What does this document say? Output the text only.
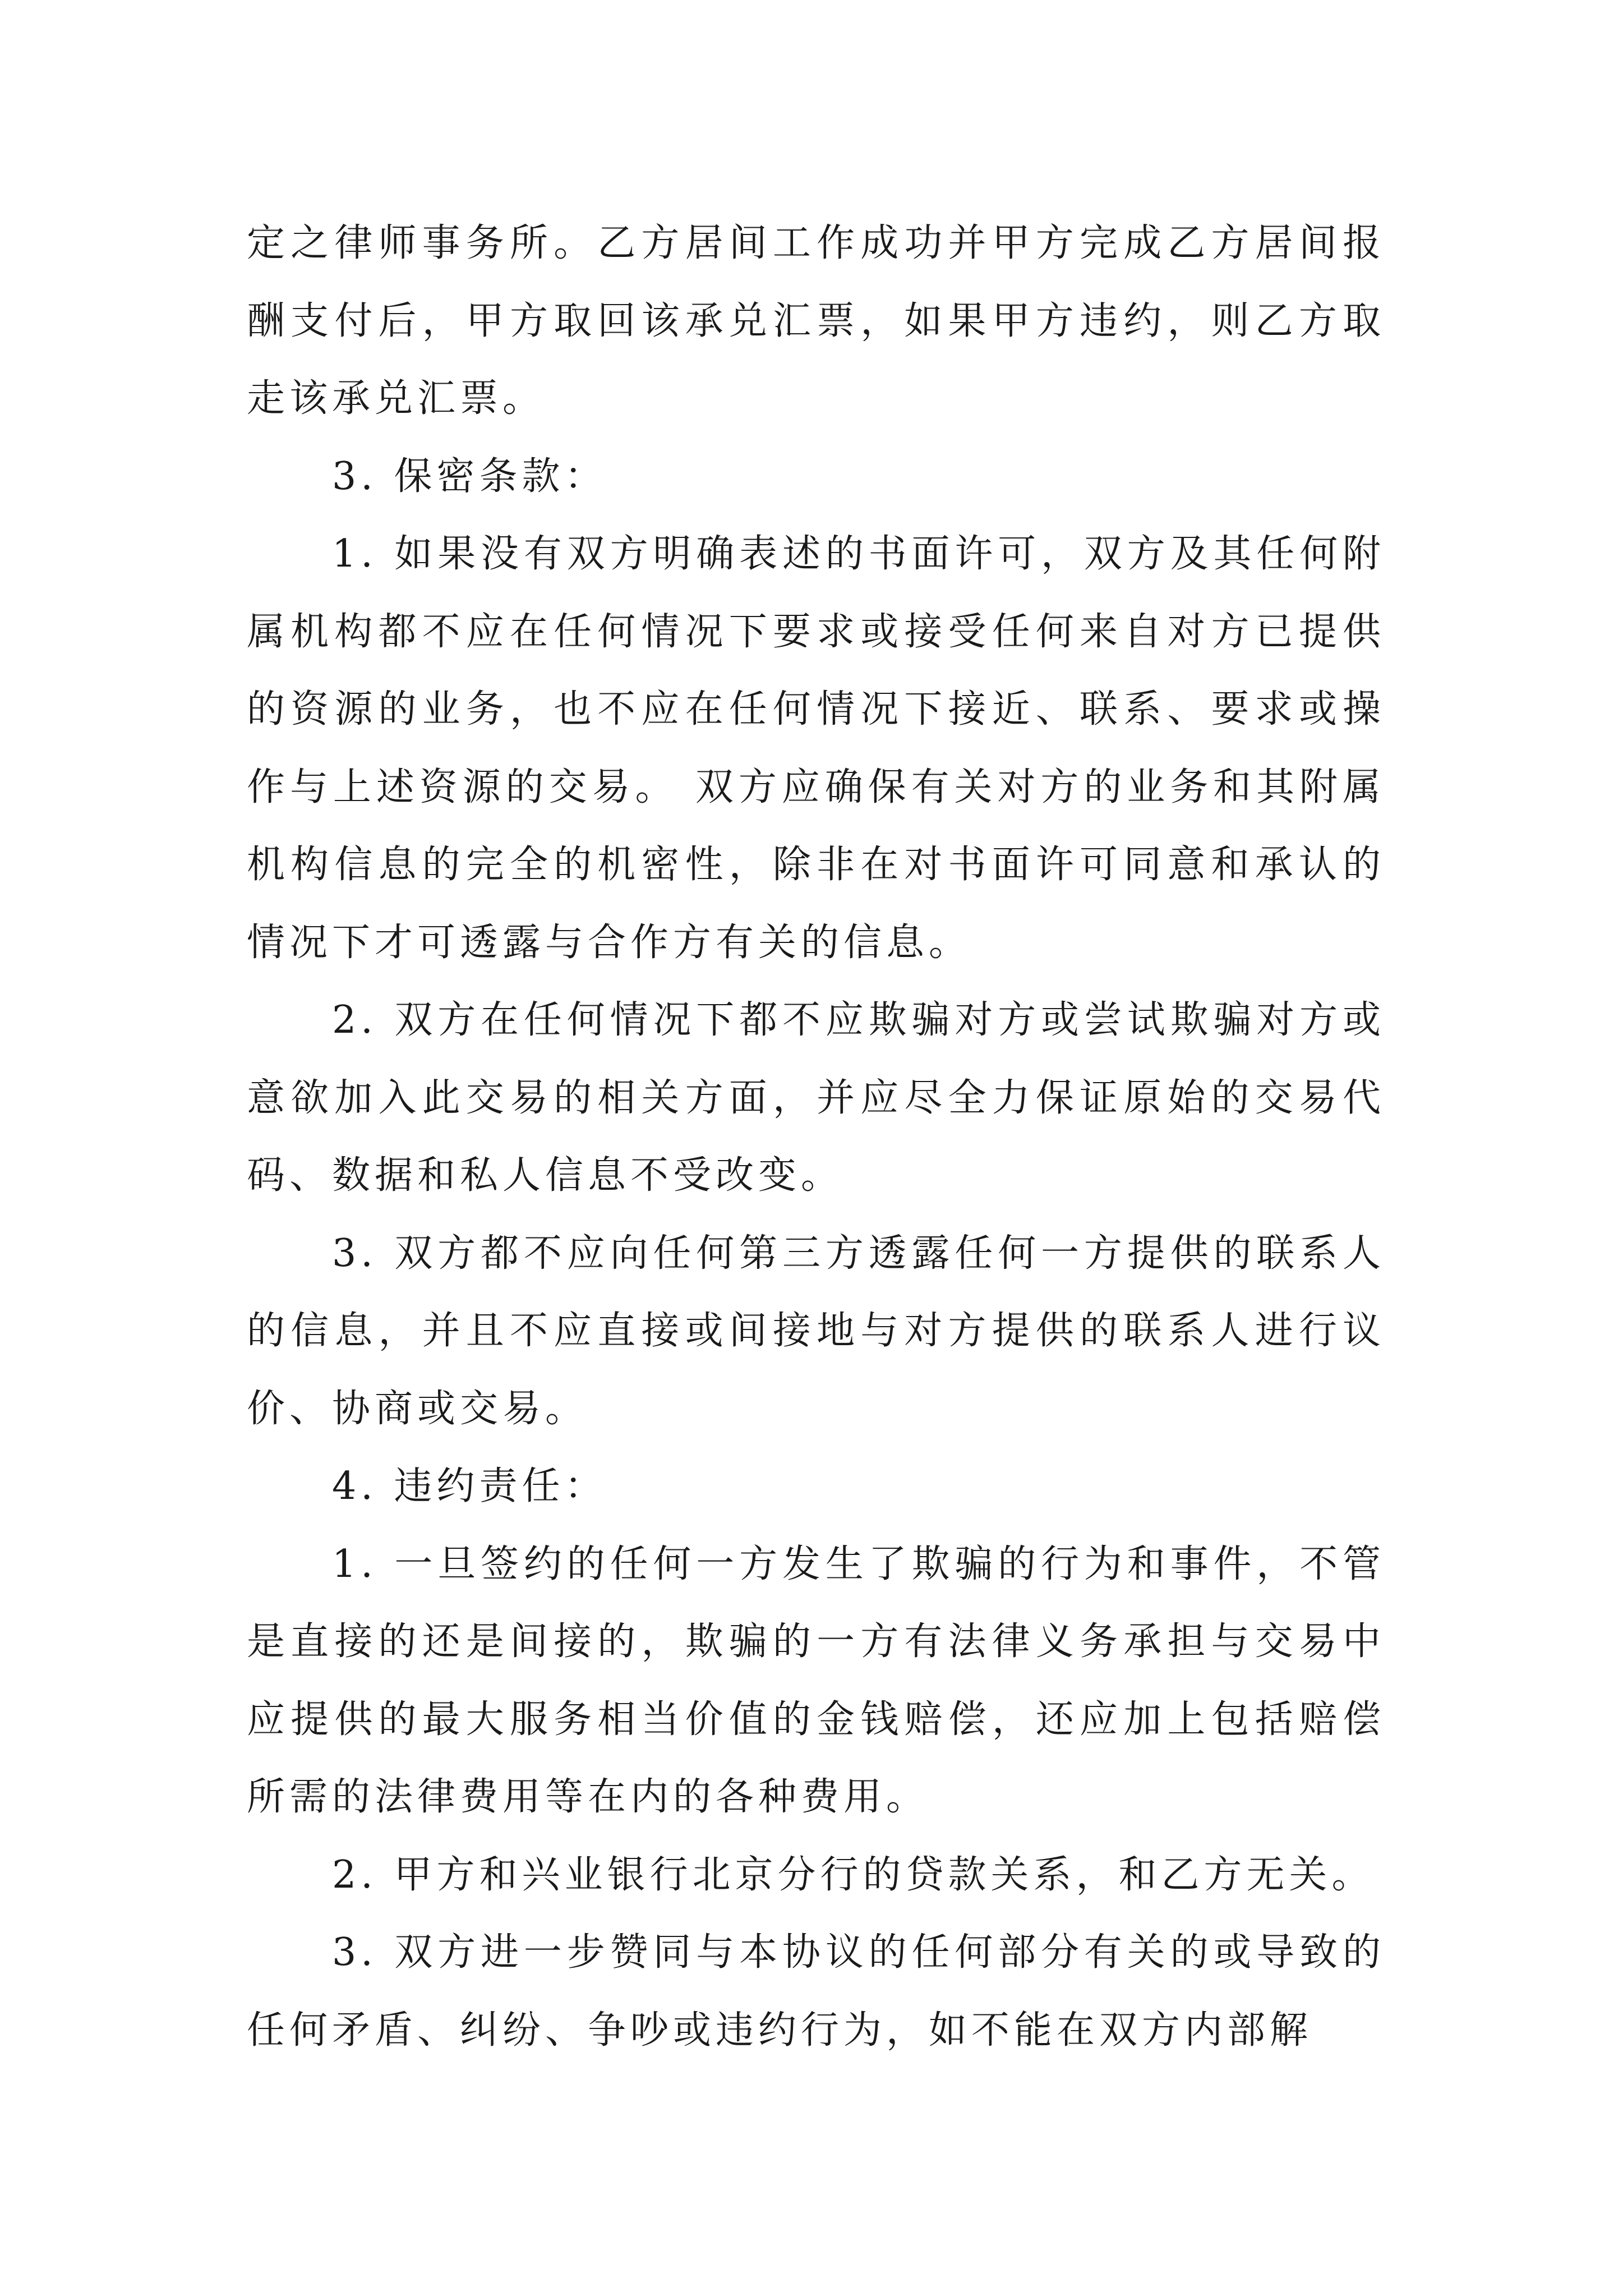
定之律师事务所。乙方居间工作成功并甲方完成乙方居间报酬支付后，甲方取回该承兑汇票，如果甲方违约，则乙方取走该承兑汇票。

3. 保密条款：

1. 如果没有双方明确表述的书面许可，双方及其任何附属机构都不应在任何情况下要求或接受任何来自对方已提供的资源的业务，也不应在任何情况下接近、联系、要求或操作与上述资源的交易。 双方应确保有关对方的业务和其附属机构信息的完全的机密性，除非在对书面许可同意和承认的情况下才可透露与合作方有关的信息。

2. 双方在任何情况下都不应欺骗对方或尝试欺骗对方或意欲加入此交易的相关方面，并应尽全力保证原始的交易代码、数据和私人信息不受改变。

3. 双方都不应向任何第三方透露任何一方提供的联系人的信息，并且不应直接或间接地与对方提供的联系人进行议价、协商或交易。

4. 违约责任：

1. 一旦签约的任何一方发生了欺骗的行为和事件，不管是直接的还是间接的，欺骗的一方有法律义务承担与交易中应提供的最大服务相当价值的金钱赔偿，还应加上包括赔偿所需的法律费用等在内的各种费用。

2. 甲方和兴业银行北京分行的贷款关系，和乙方无关。

3. 双方进一步赞同与本协议的任何部分有关的或导致的任何矛盾、纠纷、争吵或违约行为，如不能在双方内部解
